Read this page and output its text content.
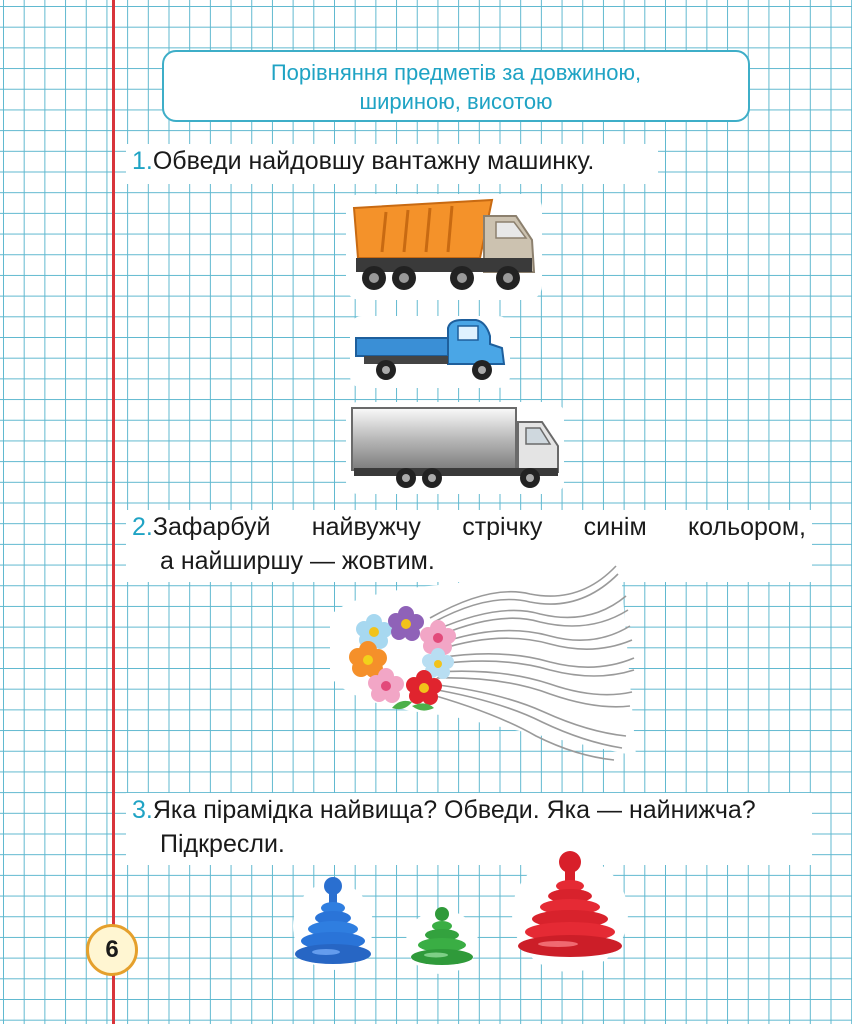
Порівняння предметів за довжиною,
шириною, висотою
1.Обведи найдовшу вантажну машинку.
2.Зафарбуй найвужчу стрічку синім кольором,
а найширшу — жовтим.
3.Яка пірамідка найвища? Обведи. Яка — найнижча?
Підкресли.
6
